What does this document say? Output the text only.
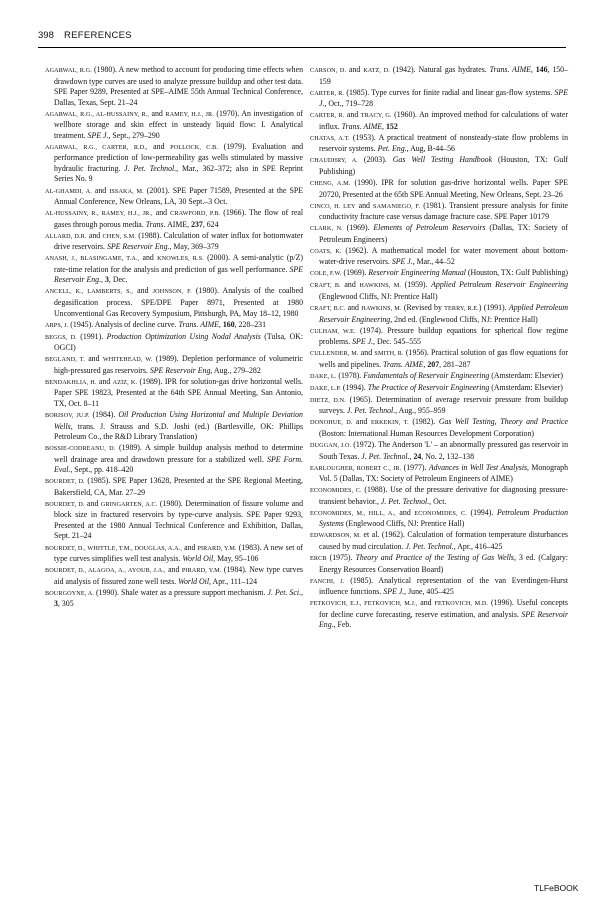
398 REFERENCES

AGARWAL, R.G. (1980). A new method to account for producing time effects when drawdown type curves are used to analyze pressure buildup and other test data. SPE Paper 9289, Presented at SPE–AIME 55th Annual Technical Conference, Dallas, Texas, Sept. 21–24

AGARWAL, R.G., AL-HUSSAINY, R., and RAMEY, H.J., JR. (1970). An investigation of wellbore storage and skin effect in unsteady liquid flow: I. Analytical treatment. SPE J., Sept., 279–290

AGARWAL, R.G., CARTER, R.D., and POLLOCK, C.B. (1979). Evaluation and performance prediction of low-permeability gas wells stimulated by massive hydraulic fracturing. J. Pet. Technol., Mar., 362–372; also in SPE Reprint Series No. 9

AL-GHAMDI, A. and ISSAKA, M. (2001). SPE Paper 71589, Presented at the SPE Annual Conference, New Orleans, LA, 30 Sept.–3 Oct.

AL-HUSSAINY, R., RAMEY, H.J., JR., and CRAWFORD, P.B. (1966). The flow of real gases through porous media. Trans. AIME, 237, 624

ALLARD, D.R. and CHEN, S.M. (1988). Calculation of water influx for bottomwater drive reservoirs. SPE Reservoir Eng., May, 369–379

ANASH, J., BLASINGAME, T.A., and KNOWLES, R.S. (2000). A semi-analytic (p/Z) rate-time relation for the analysis and prediction of gas well performance. SPE Reservoir Eng., 3, Dec.

ANCELL, K., LAMBERTS, S., and JOHNSON, F. (1980). Analysis of the coalbed degasification process. SPE/DPE Paper 8971, Presented at 1980 Unconventional Gas Recovery Symposium, Pittsburgh, PA, May 18–12, 1980

ARPS, J. (1945). Analysis of decline curve. Trans. AIME, 160, 228–231

BEGGS, D. (1991). Production Optimization Using Nodal Analysis (Tulsa, OK: OGCI)

BEGLAND, T. and WHITEHEAD, W. (1989). Depletion performance of volumetric high-pressured gas reservoirs. SPE Reservoir Eng, Aug., 279–282

BENDAKHLIA, H. and AZIZ, K. (1989). IPR for solution-gas drive horizontal wells. Paper SPE 19823, Presented at the 64th SPE Annual Meeting, San Antonio, TX, Oct. 8–11

BORISOV, JU.P. (1984). Oil Production Using Horizontal and Multiple Deviation Wells, trans. J. Strauss and S.D. Joshi (ed.) (Bartlesville, OK: Phillips Petroleum Co., the R&D Library Translation)

BOSSIE-CODREANU, D. (1989). A simple buildup analysis method to determine well drainage area and drawdown pressure for a stabilized well. SPE Form. Eval., Sept., pp. 418–420

BOURDET, D. (1985). SPE Paper 13628, Presented at the SPE Regional Meeting, Bakersfield, CA, Mar. 27–29

BOURDET, D. and GRINGARTEN, A.C. (1980). Determination of fissure volume and block size in fractured reservoirs by type-curve analysis. SPE Paper 9293, Presented at the 1980 Annual Technical Conference and Exhibition, Dallas, Sept. 21–24

BOURDET, D., WHITTLE, T.M., DOUGLAS, A.A., and PIRARD, Y.M. (1983). A new set of type curves simplifies well test analysis. World Oil, May, 95–106

BOURDET, D., ALAGOA, A., AYOUB, J.A., and PIRARD, Y.M. (1984). New type curves aid analysis of fissured zone well tests. World Oil, Apr., 111–124

BOURGOYNE, A. (1990). Shale water as a pressure support mechanism. J. Pet. Sci., 3, 305

CARSON, D. and KATZ, D. (1942). Natural gas hydrates. Trans. AIME, 146, 150–159

CARTER, R. (1985). Type curves for finite radial and linear gas-flow systems. SPE J., Oct., 719–728

CARTER, R. and TRACY, G. (1960). An improved method for calculations of water influx. Trans. AIME, 152

CHATAS, A.T. (1953). A practical treatment of nonsteady-state flow problems in reservoir systems. Pet. Eng., Aug, B-44–56

CHAUDHRY, A. (2003). Gas Well Testing Handbook (Houston, TX: Gulf Publishing)

CHENG, A.M. (1990). IPR for solution gas-drive horizontal wells. Paper SPE 20720, Presented at the 65th SPE Annual Meeting, New Orleans, Sept. 23–26

CINCO, H. LEY and SAMANIEGO, F. (1981). Transient pressure analysis for finite conductivity fracture case versus damage fracture case. SPE Paper 10179

CLARK, N. (1969). Elements of Petroleum Reservoirs (Dallas, TX: Society of Petroleum Engineers)

COATS, K. (1962). A mathematical model for water movement about bottom-water-drive reservoirs. SPE J., Mar., 44–52

COLE, F.W. (1969). Reservoir Engineering Manual (Houston, TX: Gulf Publishing)

CRAFT, B. and HAWKINS, M. (1959). Applied Petroleum Reservoir Engineering (Englewood Cliffs, NJ: Prentice Hall)

CRAFT, B.C. and HAWKINS, M. (Revised by TERRY, R.E.) (1991). Applied Petroleum Reservoir Engineering, 2nd ed. (Englewood Cliffs, NJ: Prentice Hall)

CULHAM, W.E. (1974). Pressure buildup equations for spherical flow regime problems. SPE J., Dec. 545–555

CULLENDER, M. and SMITH, R. (1956). Practical solution of gas flow equations for wells and pipelines. Trans. AIME, 207, 281–287

DAKE, L. (1978). Fundamentals of Reservoir Engineering (Amsterdam: Elsevier)

DAKE, L.P. (1994). The Practice of Reservoir Engineering (Amsterdam: Elsevier)

DIETZ, D.N. (1965). Determination of average reservoir pressure from buildup surveys. J. Pet. Technol., Aug., 955–959

DONOHUE, D. and ERKEKIN, T. (1982). Gas Well Testing, Theory and Practice (Boston: International Human Resources Development Corporation)

DUGGAN, J.O. (1972). The Anderson 'L' – an abnormally pressured gas reservoir in South Texas. J. Pet. Technol., 24, No. 2, 132–138

EARLOUGHER, ROBERT C., JR. (1977). Advances in Well Test Analysis, Monograph Vol. 5 (Dallas, TX: Society of Petroleum Engineers of AIME)

ECONOMIDES, C. (1988). Use of the pressure derivative for diagnosing pressure-transient behavior., J. Pet. Technol., Oct.

ECONOMIDES, M., HILL, A., and ECONOMIDES, C. (1994). Petroleum Production Systems (Englewood Cliffs, NJ: Prentice Hall)

EDWARDSON, M. et al. (1962). Calculation of formation temperature disturbances caused by mud circulation. J. Pet. Technol., Apr., 416–425

ERCB (1975). Theory and Practice of the Testing of Gas Wells, 3 ed. (Calgary: Energy Resources Conservation Board)

FANCHI, J. (1985). Analytical representation of the van Everdingen-Hurst influence functions. SPE J., June, 405–425

FETKOVICH, E.J., FETKOVICH, M.J., and FETKOVICH, M.D. (1996). Useful concepts for decline curve forecasting, reserve estimation, and analysis. SPE Reservoir Eng., Feb.

TLFeBOOK
